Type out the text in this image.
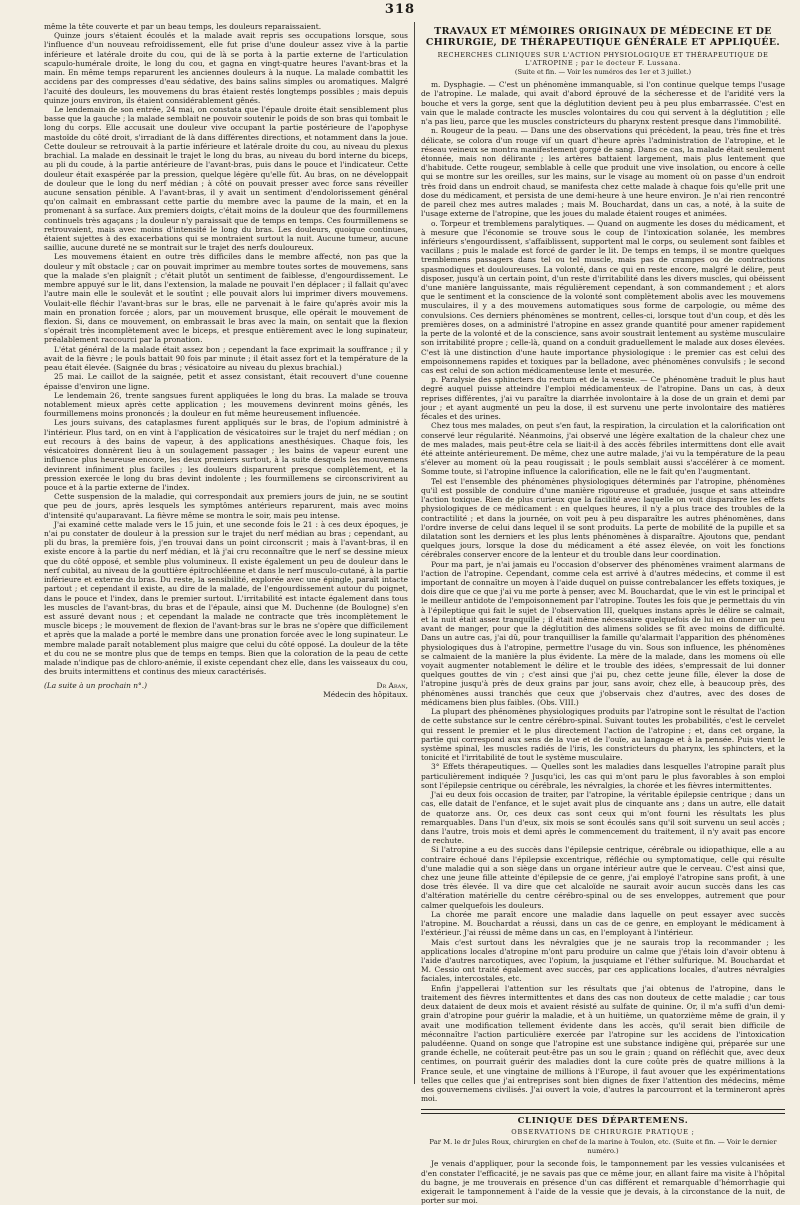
318

même la tête couverte et par un beau temps, les douleurs reparaissaient.

Quinze jours s'étaient écoulés et la malade avait repris ses occupations lorsque, sous l'influence d'un nouveau refroidissement, elle fut prise d'une douleur assez vive à la partie inférieure et latérale droite du cou, qui de là se porta à la partie externe de l'articulation scapulo-humérale droite, le long du cou, et gagna en vingt-quatre heures l'avant-bras et la main. En même temps reparurent les anciennes douleurs à la nuque. La malade combattit les accidens par des compresses d'eau sédative, des bains salins simples ou aromatiques. Malgré l'acuité des douleurs, les mouvemens du bras étaient restés longtemps possibles ; mais depuis quinze jours environ, ils étaient considérablement gênés.

Le lendemain de son entrée, 24 mai, on constata que l'épaule droite était sensiblement plus basse que la gauche ; la malade semblait ne pouvoir soutenir le poids de son bras qui tombait le long du corps. Elle accusait une douleur vive occupant la partie postérieure de l'apophyse mastoïde du côté droit, s'irradiant de là dans différentes directions, et notamment dans la joue. Cette douleur se retrouvait à la partie inférieure et latérale droite du cou, au niveau du plexus brachial. La malade en dessinait le trajet le long du bras, au niveau du bord interne du biceps, au pli du coude, à la partie antérieure de l'avant-bras, puis dans le pouce et l'indicateur. Cette douleur était exaspérée par la pression, quelque légère qu'elle fût. Au bras, on ne développait de douleur que le long du nerf médian ; à côté on pouvait presser avec force sans réveiller aucune sensation pénible. A l'avant-bras, il y avait un sentiment d'endolorissement général qu'on calmait en embrassant cette partie du membre avec la paume de la main, et en la promenant à sa surface. Aux premiers doigts, c'était moins de la douleur que des fourmillemens continuels très agaçans ; la douleur n'y paraissait que de temps en temps. Ces fourmillemens se retrouvaient, mais avec moins d'intensité le long du bras. Les douleurs, quoique continues, étaient sujettes à des exacerbations qui se montraient surtout la nuit. Aucune tumeur, aucune saillie, aucune dureté ne se montrait sur le trajet des nerfs douloureux.

Les mouvemens étaient en outre très difficiles dans le membre affecté, non pas que la douleur y mît obstacle ; car on pouvait imprimer au membre toutes sortes de mouvemens, sans que la malade s'en plaignît ; c'était plutôt un sentiment de faiblesse, d'engourdissement. Le membre appuyé sur le lit, dans l'extension, la malade ne pouvait l'en déplacer ; il fallait qu'avec l'autre main elle le soulevât et le soutînt ; elle pouvait alors lui imprimer divers mouvemens. Voulait-elle fléchir l'avant-bras sur le bras, elle ne parvenait à le faire qu'après avoir mis la main en pronation forcée ; alors, par un mouvement brusque, elle opérait le mouvement de flexion. Si, dans ce mouvement, on embrassait le bras avec la main, on sentait que la flexion s'opérait très incomplètement avec le biceps, et presque entièrement avec le long supinateur, préalablement raccourci par la pronation.

L'état général de la malade était assez bon ; cependant la face exprimait la souffrance ; il y avait de la fièvre ; le pouls battait 90 fois par minute ; il était assez fort et la température de la peau était élevée. (Saignée du bras ; vésicatoire au niveau du plexus brachial.)

25 mai. Le caillot de la saignée, petit et assez consistant, était recouvert d'une couenne épaisse d'environ une ligne.

Le lendemain 26, trente sangsues furent appliquées le long du bras. La malade se trouva notablement mieux après cette application ; les mouvemens devinrent moins gênés, les fourmillemens moins prononcés ; la douleur en fut même heureusement influencée.

Les jours suivans, des cataplasmes furent appliqués sur le bras, de l'opium administré à l'intérieur. Plus tard, on en vint à l'application de vésicatoires sur le trajet du nerf médian ; on eut recours à des bains de vapeur, à des applications anesthésiques. Chaque fois, les vésicatoires donnèrent lieu à un soulagement passager ; les bains de vapeur eurent une influence plus heureuse encore, les deux premiers surtout, à la suite desquels les mouvemens devinrent infiniment plus faciles ; les douleurs disparurent presque complètement, et la pression exercée le long du bras devint indolente ; les fourmillemens se circonscrivirent au pouce et à la partie externe de l'index.

Cette suspension de la maladie, qui correspondait aux premiers jours de juin, ne se soutint que peu de jours, après lesquels les symptômes antérieurs reparurent, mais avec moins d'intensité qu'auparavant. La fièvre même se montra le soir, mais peu intense.

J'ai examiné cette malade vers le 15 juin, et une seconde fois le 21 : à ces deux époques, je n'ai pu constater de douleur à la pression sur le trajet du nerf médian au bras ; cependant, au pli du bras, la première fois, j'en trouvai dans un point circonscrit ; mais à l'avant-bras, il en existe encore à la partie du nerf médian, et là j'ai cru reconnaître que le nerf se dessine mieux que du côté opposé, et semble plus volumineux. Il existe également un peu de douleur dans le nerf cubital, au niveau de la gouttière épitrochléenne et dans le nerf musculo-cutané, à la partie inférieure et externe du bras. Du reste, la sensibilité, explorée avec une épingle, paraît intacte partout ; et cependant il existe, au dire de la malade, de l'engourdissement autour du poignet, dans le pouce et l'index, dans le premier surtout. L'irritabilité est intacte également dans tous les muscles de l'avant-bras, du bras et de l'épaule, ainsi que M. Duchenne (de Boulogne) s'en est assuré devant nous ; et cependant la malade ne contracte que très incomplètement le muscle biceps ; le mouvement de flexion de l'avant-bras sur le bras ne s'opère que difficilement et après que la malade a porté le membre dans une pronation forcée avec le long supinateur. Le membre malade paraît notablement plus maigre que celui du côté opposé. La douleur de la tête et du cou ne se montre plus que de temps en temps. Bien que la coloration de la peau de cette malade n'indique pas de chloro-anémie, il existe cependant chez elle, dans les vaisseaux du cou, des bruits intermittens et continus des mieux caractérisés.

(La suite à un prochain n°.)	Dr Aran,
Médecin des hôpitaux.
TRAVAUX ET MÉMOIRES ORIGINAUX DE MÉDECINE ET DE CHIRURGIE, DE THÉRAPEUTIQUE GÉNÉRALE ET APPLIQUÉE.
RECHERCHES CLINIQUES SUR L'ACTION PHYSIOLOGIQUE ET THÉRAPEUTIQUE DE L'ATROPINE ; par le docteur F. Lussana.
(Suite et fin. — Voir les numéros des 1er et 3 juillet.)

m. Dysphagie. — C'est un phénomène immanquable, si l'on continue quelque temps l'usage de l'atropine. Le malade, qui avait d'abord éprouvé de la sécheresse et de l'aridité vers la bouche et vers la gorge, sent que la déglutition devient peu à peu plus embarrassée. C'est en vain que le malade contracte les muscles volontaires du cou qui servent à la déglutition ; elle n'a pas lieu, parce que les muscles constricteurs du pharynx restent presque dans l'immobilité.

n. Rougeur de la peau. — Dans une des observations qui précèdent, la peau, très fine et très délicate, se colora d'un rouge vif un quart d'heure après l'administration de l'atropine, et le réseau veineux se montra manifestement gorgé de sang. Dans ce cas, la malade était seulement étonnée, mais non délirante ; les artères battaient largement, mais plus lentement que d'habitude. Cette rougeur, semblable à celle que produit une vive insolation, ou encore à celle qui se montre sur les oreilles, sur les mains, sur le visage au moment où on passe d'un endroit très froid dans un endroit chaud, se manifesta chez cette malade à chaque fois qu'elle prit une dose du médicament, et persista de une demi-heure à une heure environ. Je n'ai rien rencontré de pareil chez mes autres malades ; mais M. Bouchardat, dans un cas, a noté, à la suite de l'usage externe de l'atropine, que les joues du malade étaient rouges et animées.

o. Torpeur et tremblemens paralytiques. — Quand on augmente les doses du médicament, et à mesure que l'économie se trouve sous le coup de l'intoxication solanée, les membres inférieurs s'engourdissent, s'affaiblissent, supportent mal le corps, ou seulement sont faibles et vacillans ; puis le malade est forcé de garder le lit. De temps en temps, il se montre quelques tremblemens passagers dans tel ou tel muscle, mais pas de crampes ou de contractions spasmodiques et douloureuses. La volonté, dans ce qui en reste encore, malgré le délire, peut disposer, jusqu'à un certain point, d'un reste d'irritabilité dans les divers muscles, qui obéissent d'une manière languissante, mais régulièrement cependant, à son commandement ; et alors que le sentiment et la conscience de la volonté sont complètement abolis avec les mouvemens musculaires, il y a des mouvemens automatiques sous forme de carpologie, ou même des convulsions. Ces derniers phénomènes se montrent, celles-ci, lorsque tout d'un coup, et dès les premières doses, on a administré l'atropine en assez grande quantité pour amener rapidement la perte de la volonté et de la conscience, sans avoir soustrait lentement au système musculaire son irritabilité propre ; celle-là, quand on a conduit graduellement le malade aux doses élevées. C'est là une distinction d'une haute importance physiologique : le premier cas est celui des empoisonnemens rapides et toxiques par la belladone, avec phénomènes convulsifs ; le second cas est celui de son action médicamenteuse lente et mesurée.

p. Paralysie des sphincters du rectum et de la vessie. — Ce phénomène traduit le plus haut degré auquel puisse atteindre l'emploi médicamenteux de l'atropine. Dans un cas, à deux reprises différentes, j'ai vu paraître la diarrhée involontaire à la dose de un grain et demi par jour ; et ayant augmenté un peu la dose, il est survenu une perte involontaire des matières fécales et des urines.

Chez tous mes malades, on peut s'en faut, la respiration, la circulation et la calorification ont conservé leur régularité. Néanmoins, j'ai observé une légère exaltation de la chaleur chez une de mes malades, mais peut-être cela se liait-il à des accès fébriles intermittens dont elle avait été atteinte antérieurement. De même, chez une autre malade, j'ai vu la température de la peau s'élever au moment où la peau rougissait ; le pouls semblait aussi s'accélérer à ce moment. Somme toute, si l'atropine influence la calorification, elle ne le fait qu'en l'augmentant.

Tel est l'ensemble des phénomènes physiologiques déterminés par l'atropine, phénomènes qu'il est possible de conduire d'une manière rigoureuse et graduée, jusque et sans atteindre l'action toxique. Rien de plus curieux que la facilité avec laquelle on voit disparaître les effets physiologiques de ce médicament : en quelques heures, il n'y a plus trace des troubles de la contractilité ; et dans la journée, on voit peu à peu disparaître les autres phénomènes, dans l'ordre inverse de celui dans lequel il se sont produits. La perte de mobilité de la pupille et sa dilatation sont les derniers et les plus lents phénomènes à disparaître. Ajoutons que, pendant quelques jours, lorsque la dose du médicament a été assez élevée, on voit les fonctions cérébrales conserver encore de la lenteur et du trouble dans leur coordination.

Pour ma part, je n'ai jamais eu l'occasion d'observer des phénomènes vraiment alarmans de l'action de l'atropine. Cependant, comme cela est arrivé à d'autres médecins, et comme il est important de connaître un moyen à l'aide duquel on puisse contrebalancer les effets toxiques, je dois dire que ce que j'ai vu me porte à penser, avec M. Bouchardat, que le vin est le principal et le meilleur antidote de l'empoisonnement par l'atropine. Toutes les fois que je permettais du vin à l'épileptique qui fait le sujet de l'observation III, quelques instans après le délire se calmait, et la nuit était assez tranquille ; il était même nécessaire quelquefois de lui en donner un peu avant de manger, pour que la déglutition des alimens solides se fît avec moins de difficulté. Dans un autre cas, j'ai dû, pour tranquilliser la famille qu'alarmait l'apparition des phénomènes physiologiques dus à l'atropine, permettre l'usage du vin. Sous son influence, les phénomènes se calmaient de la manière la plus évidente. La mère de la malade, dans les momens où elle voyait augmenter notablement le délire et le trouble des idées, s'empressait de lui donner quelques gouttes de vin ; c'est ainsi que j'ai pu, chez cette jeune fille, élever la dose de l'atropine jusqu'à près de deux grains par jour, sans avoir, chez elle, à beaucoup près, des phénomènes aussi tranchés que ceux que j'observais chez d'autres, avec des doses de médicamens bien plus faibles. (Obs. VIII.)

La plupart des phénomènes physiologiques produits par l'atropine sont le résultat de l'action de cette substance sur le centre cérébro-spinal. Suivant toutes les probabilités, c'est le cervelet qui ressent le premier et le plus directement l'action de l'atropine ; et, dans cet organe, la partie qui correspond aux sens de la vue et de l'ouïe, au langage et à la pensée. Puis vient le système spinal, les muscles radiés de l'iris, les constricteurs du pharynx, les sphincters, et la tonicité et l'irritabilité de tout le système musculaire.

3° Effets thérapeutiques. — Quelles sont les maladies dans lesquelles l'atropine paraît plus particulièrement indiquée ? Jusqu'ici, les cas qui m'ont paru le plus favorables à son emploi sont l'épilepsie centrique ou cérébrale, les névralgies, la chorée et les fièvres intermittentes.

J'ai eu deux fois occasion de traiter, par l'atropine, la véritable épilepsie centrique ; dans un cas, elle datait de l'enfance, et le sujet avait plus de cinquante ans ; dans un autre, elle datait de quatorze ans. Or, ces deux cas sont ceux qui m'ont fourni les résultats les plus remarquables. Dans l'un d'eux, six mois se sont écoulés sans qu'il soit survenu un seul accès ; dans l'autre, trois mois et demi après le commencement du traitement, il n'y avait pas encore de rechute.

Si l'atropine a eu des succès dans l'épilepsie centrique, cérébrale ou idiopathique, elle a au contraire échoué dans l'épilepsie excentrique, réfléchie ou symptomatique, celle qui résulte d'une maladie qui a son siège dans un organe intérieur autre que le cerveau. C'est ainsi que, chez une jeune fille atteinte d'épilepsie de ce genre, j'ai employé l'atropine sans profit, à une dose très élevée. Il va dire que cet alcaloïde ne saurait avoir aucun succès dans les cas d'altération matérielle du centre cérébro-spinal ou de ses enveloppes, autrement que pour calmer quelquefois les douleurs.

La chorée me paraît encore une maladie dans laquelle on peut essayer avec succès l'atropine. M. Bouchardat a réussi, dans un cas de ce genre, en employant le médicament à l'extérieur. J'ai réussi de même dans un cas, en l'employant à l'intérieur.

Mais c'est surtout dans les névralgies que je ne saurais trop la recommander ; les applications locales d'atropine m'ont paru produire un calme que j'étais loin d'avoir obtenu à l'aide d'autres narcotiques, avec l'opium, la jusquiame et l'éther sulfurique. M. Bouchardat et M. Cessio ont traité également avec succès, par ces applications locales, d'autres névralgies faciales, intercostales, etc.

Enfin j'appellerai l'attention sur les résultats que j'ai obtenus de l'atropine, dans le traitement des fièvres intermittentes et dans des cas non douteux de cette maladie ; car tous deux dataient de deux mois et avaient résisté au sulfate de quinine. Or, il m'a suffi d'un demi-grain d'atropine pour guérir la maladie, et à un huitième, un quatorzième même de grain, il y avait une modification tellement évidente dans les accès, qu'il serait bien difficile de méconnaître l'action particulière exercée par l'atropine sur les accidens de l'intoxication paludéenne. Quand on songe que l'atropine est une substance indigène qui, préparée sur une grande échelle, ne coûterait peut-être pas un sou le grain ; quand on réfléchit que, avec deux centimes, on pourrait guérir des maladies dont la cure coûte près de quatre millions à la France seule, et une vingtaine de millions à l'Europe, il faut avouer que les expérimentations telles que celles que j'ai entreprises sont bien dignes de fixer l'attention des médecins, même des gouvernemens civilisés. J'ai ouvert la voie, d'autres la parcourront et la termineront après moi.

CLINIQUE DES DÉPARTEMENS.
OBSERVATIONS DE CHIRURGIE PRATIQUE ;
Par M. le dr Jules Roux, chirurgien en chef de la marine à Toulon, etc. (Suite et fin. — Voir le dernier numéro.)

Je venais d'appliquer, pour la seconde fois, le tamponnement par les vessies vulcanisées et d'en constater l'efficacité, je ne savais pas que ce même jour, en allant faire ma visite à l'hôpital du bagne, je me trouverais en présence d'un cas différent et remarquable d'hémorrhagie qui exigerait le tamponnement à l'aide de la vessie que je devais, à la circonstance de la nuit, de porter sur moi.
